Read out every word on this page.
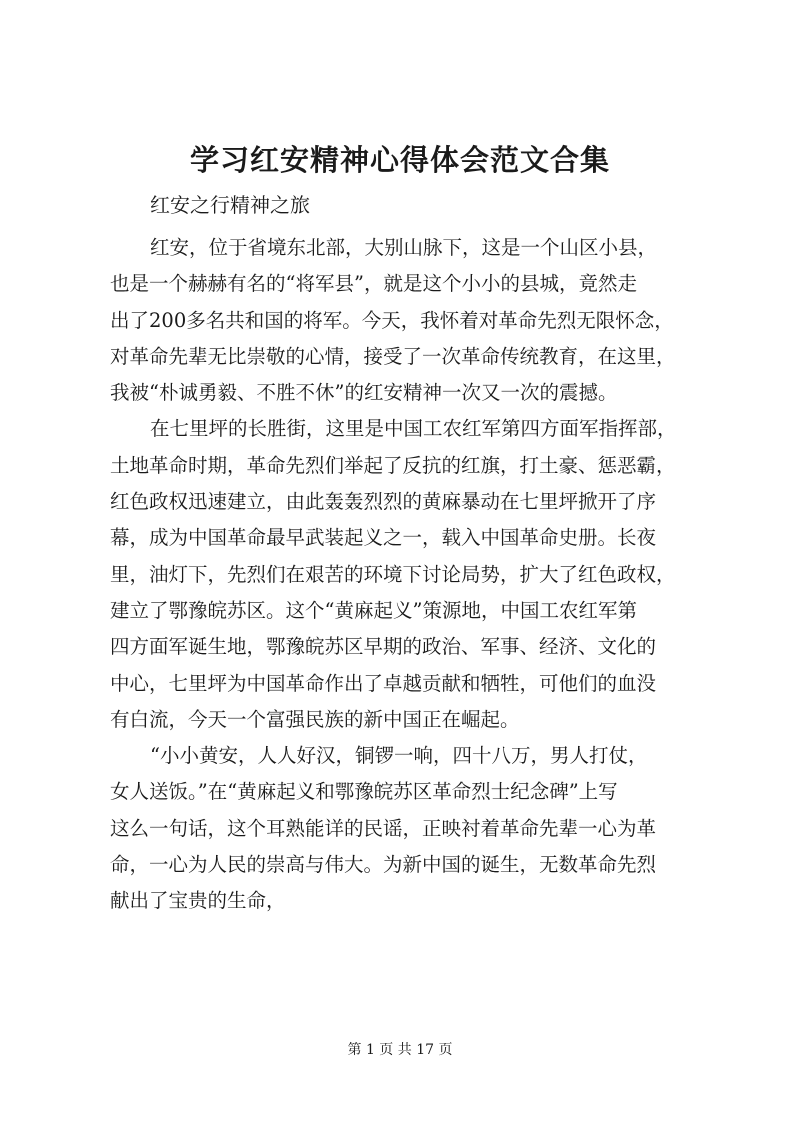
学习红安精神心得体会范文合集
红安之行精神之旅

红安，位于省境东北部，大别山脉下，这是一个山区小县，
也是一个赫赫有名的“将军县”，就是这个小小的县城，竟然走
出了200多名共和国的将军。今天，我怀着对革命先烈无限怀念，
对革命先辈无比崇敬的心情，接受了一次革命传统教育，在这里，
我被“朴诚勇毅、不胜不休”的红安精神一次又一次的震撼。

在七里坪的长胜街，这里是中国工农红军第四方面军指挥部，
土地革命时期，革命先烈们举起了反抗的红旗，打土豪、惩恶霸，
红色政权迅速建立，由此轰轰烈烈的黄麻暴动在七里坪掀开了序
幕，成为中国革命最早武装起义之一，载入中国革命史册。长夜
里，油灯下，先烈们在艰苦的环境下讨论局势，扩大了红色政权，
建立了鄂豫皖苏区。这个“黄麻起义”策源地，中国工农红军第
四方面军诞生地，鄂豫皖苏区早期的政治、军事、经济、文化的
中心，七里坪为中国革命作出了卓越贡献和牺牲，可他们的血没
有白流，今天一个富强民族的新中国正在崛起。

“小小黄安，人人好汉，铜锣一响，四十八万，男人打仗，
女人送饭。”在“黄麻起义和鄂豫皖苏区革命烈士纪念碑”上写
这么一句话，这个耳熟能详的民谣，正映衬着革命先辈一心为革
命，一心为人民的崇高与伟大。为新中国的诞生，无数革命先烈
献出了宝贵的生命，

第 1 页 共 17 页
